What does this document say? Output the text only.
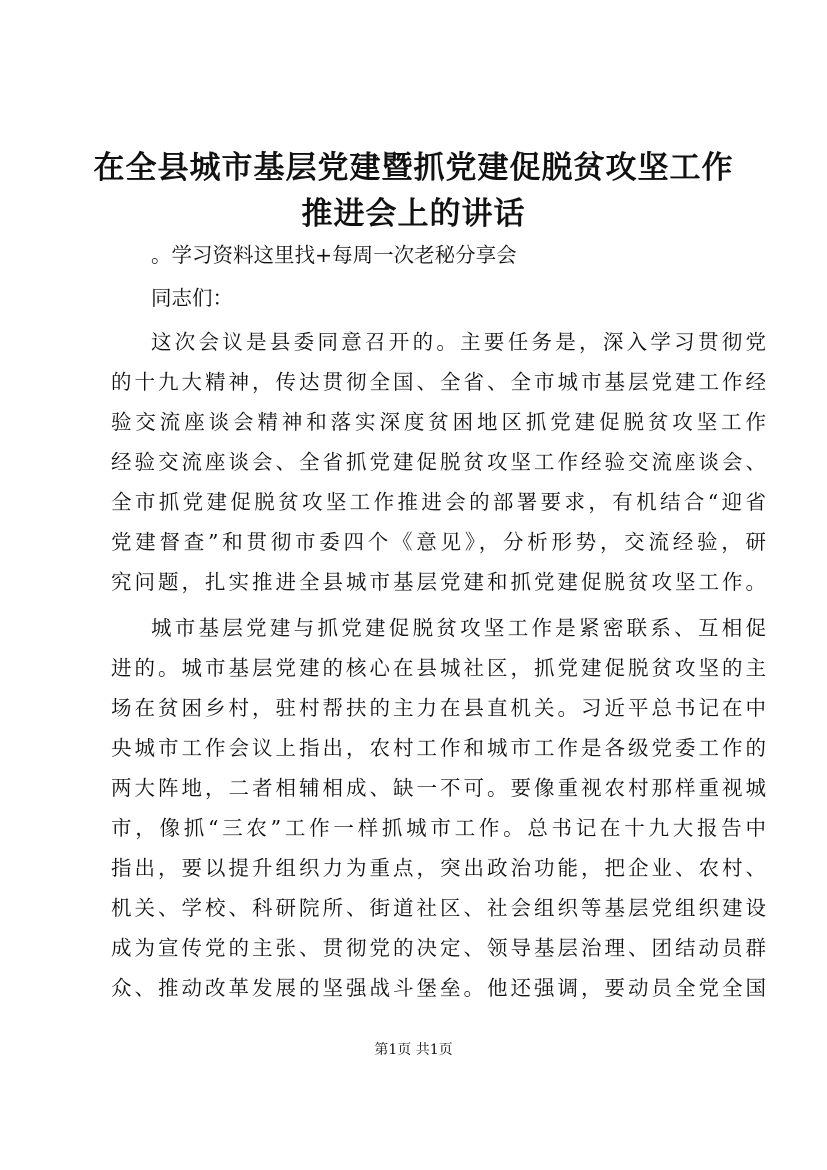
在全县城市基层党建暨抓党建促脱贫攻坚工作
推进会上的讲话

。学习资料这里找+每周一次老秘分享会

同志们：

这次会议是县委同意召开的。主要任务是，深入学习贯彻党

的十九大精神，传达贯彻全国、全省、全市城市基层党建工作经

验交流座谈会精神和落实深度贫困地区抓党建促脱贫攻坚工作

经验交流座谈会、全省抓党建促脱贫攻坚工作经验交流座谈会、

全市抓党建促脱贫攻坚工作推进会的部署要求，有机结合“迎省

党建督查”和贯彻市委四个《意见》，分析形势，交流经验，研

究问题，扎实推进全县城市基层党建和抓党建促脱贫攻坚工作。

城市基层党建与抓党建促脱贫攻坚工作是紧密联系、互相促

进的。城市基层党建的核心在县城社区，抓党建促脱贫攻坚的主

场在贫困乡村，驻村帮扶的主力在县直机关。习近平总书记在中

央城市工作会议上指出，农村工作和城市工作是各级党委工作的

两大阵地，二者相辅相成、缺一不可。要像重视农村那样重视城

市，像抓“三农”工作一样抓城市工作。总书记在十九大报告中

指出，要以提升组织力为重点，突出政治功能，把企业、农村、

机关、学校、科研院所、街道社区、社会组织等基层党组织建设

成为宣传党的主张、贯彻党的决定、领导基层治理、团结动员群

众、推动改革发展的坚强战斗堡垒。他还强调，要动员全党全国

第1页 共1页
